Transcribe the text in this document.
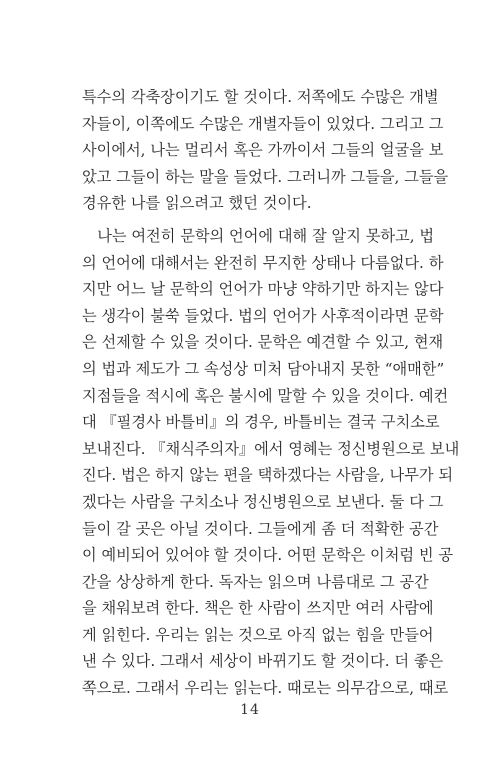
특수의 각축장이기도 할 것이다. 저쪽에도 수많은 개별
자들이, 이쪽에도 수많은 개별자들이 있었다. 그리고 그
사이에서, 나는 멀리서 혹은 가까이서 그들의 얼굴을 보
았고 그들이 하는 말을 들었다. 그러니까 그들을, 그들을
경유한 나를 읽으려고 했던 것이다.
　나는 여전히 문학의 언어에 대해 잘 알지 못하고, 법
의 언어에 대해서는 완전히 무지한 상태나 다름없다. 하
지만 어느 날 문학의 언어가 마냥 약하기만 하지는 않다
는 생각이 불쑥 들었다. 법의 언어가 사후적이라면 문학
은 선제할 수 있을 것이다. 문학은 예견할 수 있고, 현재
의 법과 제도가 그 속성상 미처 담아내지 못한 “애매한”
지점들을 적시에 혹은 불시에 말할 수 있을 것이다. 예컨
대 『필경사 바틀비』의 경우, 바틀비는 결국 구치소로
보내진다. 『채식주의자』에서 영혜는 정신병원으로 보내
진다. 법은 하지 않는 편을 택하겠다는 사람을, 나무가 되
겠다는 사람을 구치소나 정신병원으로 보낸다. 둘 다 그
들이 갈 곳은 아닐 것이다. 그들에게 좀 더 적확한 공간
이 예비되어 있어야 할 것이다. 어떤 문학은 이처럼 빈 공
간을 상상하게 한다. 독자는 읽으며 나름대로 그 공간
을 채워보려 한다. 책은 한 사람이 쓰지만 여러 사람에
게 읽힌다. 우리는 읽는 것으로 아직 없는 힘을 만들어
낸 수 있다. 그래서 세상이 바뀌기도 할 것이다. 더 좋은
쪽으로. 그래서 우리는 읽는다. 때로는 의무감으로, 때로
14
